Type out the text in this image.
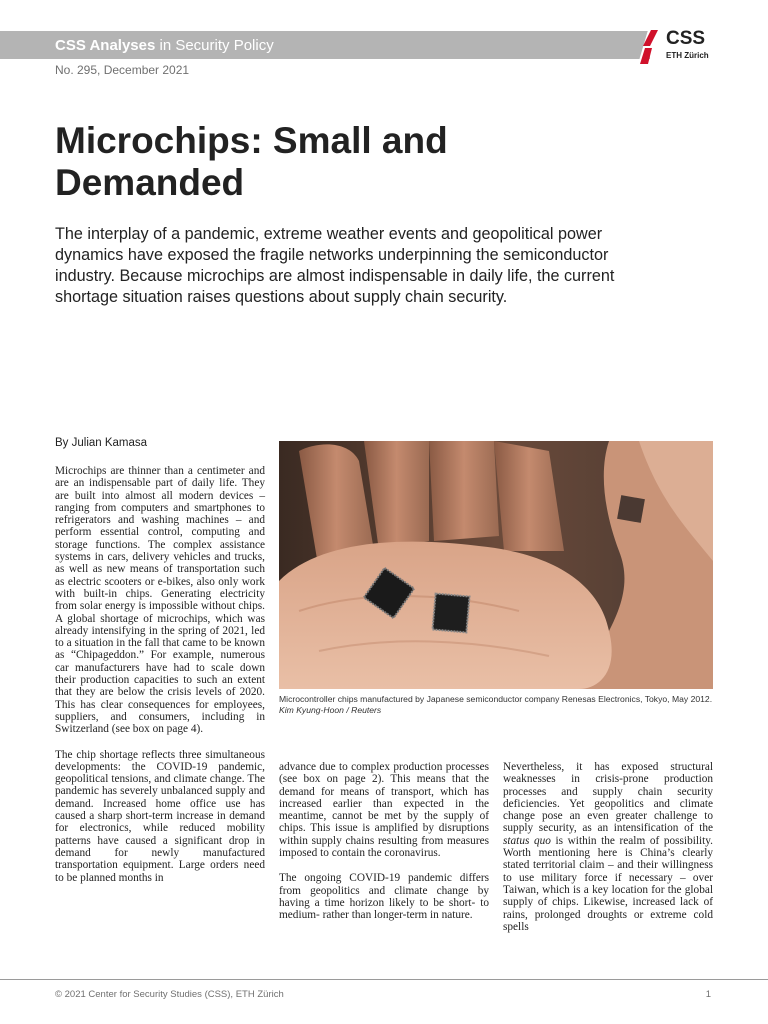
CSS Analyses in Security Policy	CSS
ETH Zürich
No. 295, December 2021
Microchips: Small and Demanded

The interplay of a pandemic, extreme weather events and geopolitical power dynamics have exposed the fragile networks underpinning the semiconductor industry. Because microchips are almost indispensable in daily life, the current shortage situation raises questions about supply chain security.

By Julian Kamasa

Microchips are thinner than a centimeter and are an indispensable part of daily life. They are built into almost all modern devices – ranging from computers and smartphones to refrigerators and washing machines – and perform essential control, computing and storage functions. The complex assistance systems in cars, delivery vehicles and trucks, as well as new means of transportation such as electric scooters or e-bikes, also only work with built-in chips. Generating electricity from solar energy is impossible without chips. A global shortage of microchips, which was already intensifying in the spring of 2021, led to a situation in the fall that came to be known as “Chipageddon.” For example, numerous car manufacturers have had to scale down their production capacities to such an extent that they are below the crisis levels of 2020. This has clear consequences for employees, suppliers, and consumers, including in Switzerland (see box on page 4).

The chip shortage reflects three simultaneous developments: the COVID-19 pandemic, geopolitical tensions, and climate change. The pandemic has severely unbalanced supply and demand. Increased home office use has caused a sharp short-term increase in demand for electronics, while reduced mobility patterns have caused a significant drop in demand for newly manufactured transportation equipment. Large orders need to be planned months in

Microcontroller chips manufactured by Japanese semiconductor company Renesas Electronics, Tokyo, May 2012. Kim Kyung-Hoon / Reuters

advance due to complex production processes (see box on page 2). This means that the demand for means of transport, which has increased earlier than expected in the meantime, cannot be met by the supply of chips. This issue is amplified by disruptions within supply chains resulting from measures imposed to contain the coronavirus.

The ongoing COVID-19 pandemic differs from geopolitics and climate change by having a time horizon likely to be short- to medium- rather than longer-term in nature.

Nevertheless, it has exposed structural weaknesses in crisis-prone production processes and supply chain security deficiencies. Yet geopolitics and climate change pose an even greater challenge to supply security, as an intensification of the status quo is within the realm of possibility. Worth mentioning here is China’s clearly stated territorial claim – and their willingness to use military force if necessary – over Taiwan, which is a key location for the global supply of chips. Likewise, increased lack of rains, prolonged droughts or extreme cold spells

© 2021 Center for Security Studies (CSS), ETH Zürich	1
